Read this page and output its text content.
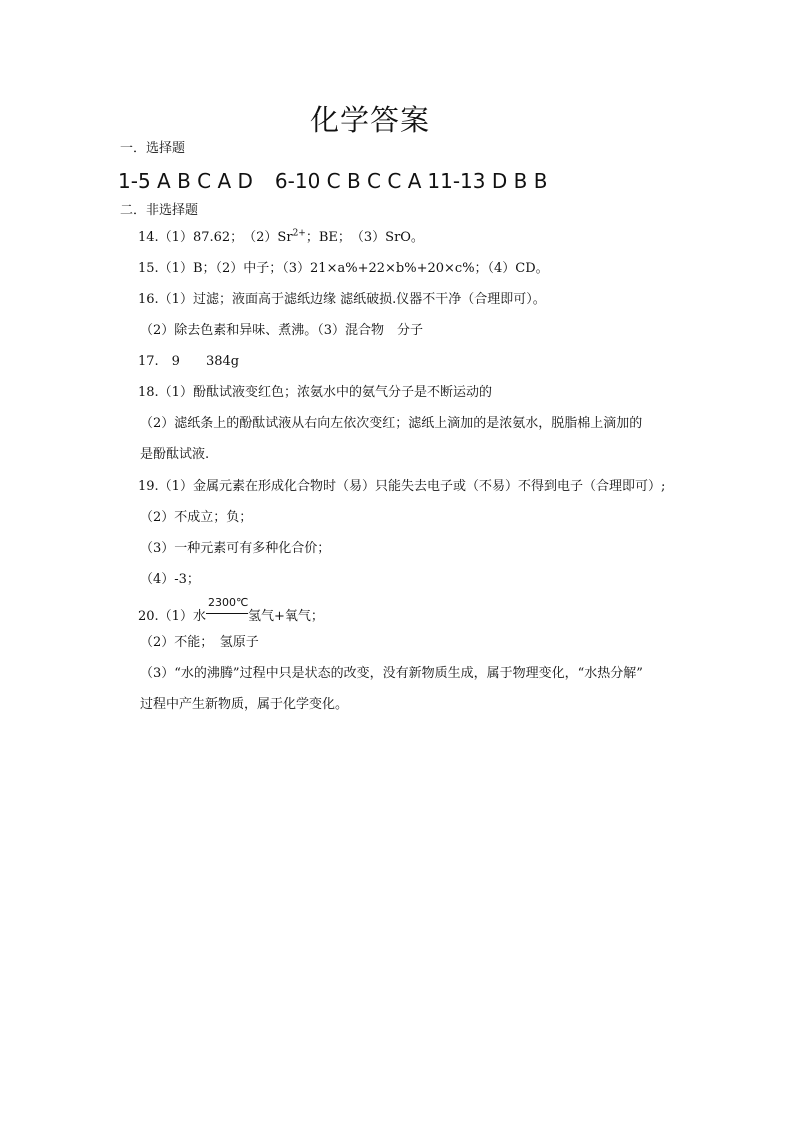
化学答案
一．选择题
1-5 A B C A D 6-10 C B C C A 11-13 D B B
二．非选择题
14.（1）87.62；　$(2)Sr^{2+}$；BE；　（3）SrO。
15.（1）B；（2）中子；（3）21×a%+22×b%+20×c%；（4）CD。
16.（1）过滤；液面高于滤纸边缘 滤纸破损.仪器不干净（合理即可）。
（2）除去色素和异味、煮沸。（3）混合物　分子
17.　9　　384g
18.（1）酚酞试液变红色；浓氨水中的氨气分子是不断运动的
（2）滤纸条上的酚酞试液从右向左依次变红；滤纸上滴加的是浓氨水，脱脂棉上滴加的
是酚酞试液.
19.（1）金属元素在形成化合物时（易）只能失去电子或（不易）不得到电子（合理即可）;
（2）不成立；负；
（3）一种元素可有多种化合价；
（4）-3；
20.（1）水
2300℃
氢气+氧气；
（2）不能；　氢原子
（3）“水的沸腾”过程中只是状态的改变，没有新物质生成，属于物理变化，“水热分解”
过程中产生新物质，属于化学变化。
